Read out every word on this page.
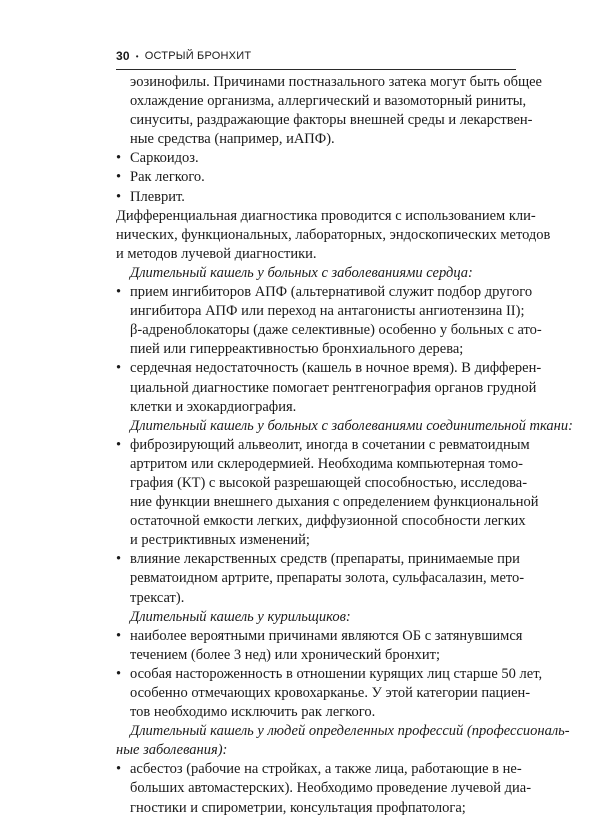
30 • ОСТРЫЙ БРОНХИТ
эозинофилы. Причинами постназального затека могут быть общее
охлаждение организма, аллергический и вазомоторный риниты,
синуситы, раздражающие факторы внешней среды и лекарствен-
ные средства (например, иАПФ).
• Саркоидоз.
• Рак легкого.
• Плеврит.
Дифференциальная диагностика проводится с использованием кли-
нических, функциональных, лабораторных, эндоскопических методов
и методов лучевой диагностики.
Длительный кашель у больных с заболеваниями сердца:
• прием ингибиторов АПФ (альтернативой служит подбор другого
ингибитора АПФ или переход на антагонисты ангиотензина II);
β-адреноблокаторы (даже селективные) особенно у больных с ато-
пией или гиперреактивностью бронхиального дерева;
• сердечная недостаточность (кашель в ночное время). В дифферен-
циальной диагностике помогает рентгенография органов грудной
клетки и эхокардиография.
Длительный кашель у больных с заболеваниями соединительной ткани:
• фиброзирующий альвеолит, иногда в сочетании с ревматоидным
артритом или склеродермией. Необходима компьютерная томо-
графия (КТ) с высокой разрешающей способностью, исследова-
ние функции внешнего дыхания с определением функциональной
остаточной емкости легких, диффузионной способности легких
и рестриктивных изменений;
• влияние лекарственных средств (препараты, принимаемые при
ревматоидном артрите, препараты золота, сульфасалазин, мето-
трексат).
Длительный кашель у курильщиков:
• наиболее вероятными причинами являются ОБ с затянувшимся
течением (более 3 нед) или хронический бронхит;
• особая настороженность в отношении курящих лиц старше 50 лет,
особенно отмечающих кровохарканье. У этой категории пациен-
тов необходимо исключить рак легкого.
Длительный кашель у людей определенных профессий (профессиональ-
ные заболевания):
• асбестоз (рабочие на стройках, а также лица, работающие в не-
больших автомастерских). Необходимо проведение лучевой диа-
гностики и спирометрии, консультация профпатолога;
